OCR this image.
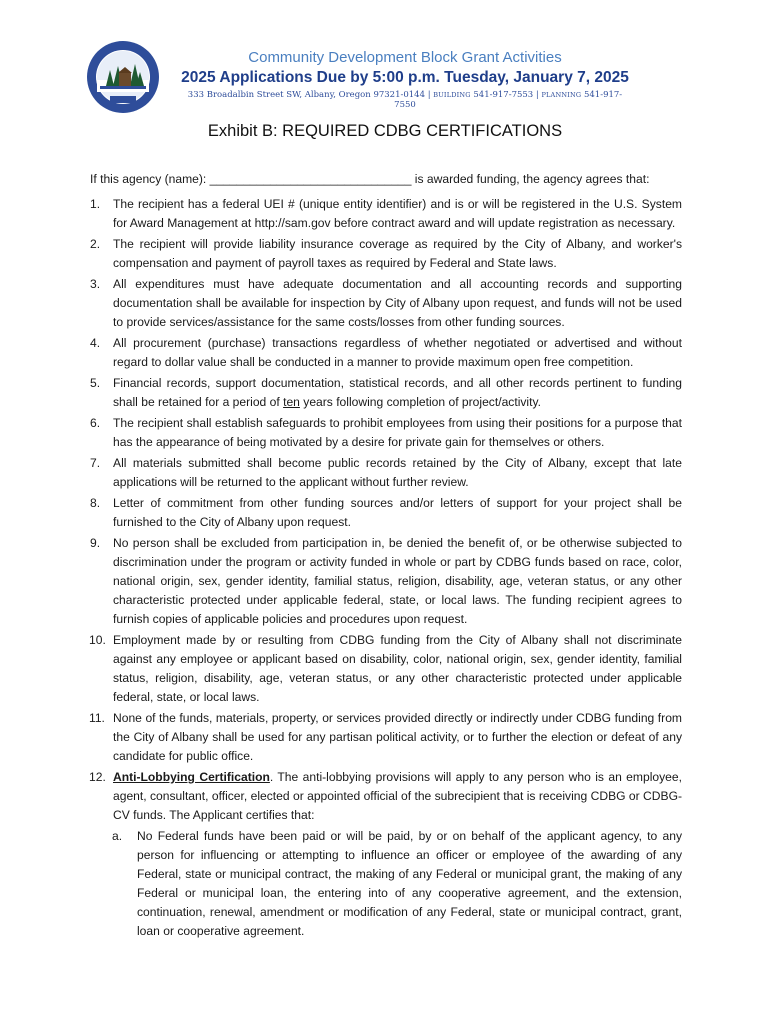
Community Development Block Grant Activities
2025 Applications Due by 5:00 p.m. Tuesday, January 7, 2025
333 Broadalbin Street SW, Albany, Oregon 97321-0144 | BUILDING 541-917-7553 | PLANNING 541-917-7550
Exhibit B: REQUIRED CDBG CERTIFICATIONS
If this agency (name): ______________________________ is awarded funding, the agency agrees that:
1. The recipient has a federal UEI # (unique entity identifier) and is or will be registered in the U.S. System for Award Management at http://sam.gov before contract award and will update registration as necessary.
2. The recipient will provide liability insurance coverage as required by the City of Albany, and worker's compensation and payment of payroll taxes as required by Federal and State laws.
3. All expenditures must have adequate documentation and all accounting records and supporting documentation shall be available for inspection by City of Albany upon request, and funds will not be used to provide services/assistance for the same costs/losses from other funding sources.
4. All procurement (purchase) transactions regardless of whether negotiated or advertised and without regard to dollar value shall be conducted in a manner to provide maximum open free competition.
5. Financial records, support documentation, statistical records, and all other records pertinent to funding shall be retained for a period of ten years following completion of project/activity.
6. The recipient shall establish safeguards to prohibit employees from using their positions for a purpose that has the appearance of being motivated by a desire for private gain for themselves or others.
7. All materials submitted shall become public records retained by the City of Albany, except that late applications will be returned to the applicant without further review.
8. Letter of commitment from other funding sources and/or letters of support for your project shall be furnished to the City of Albany upon request.
9. No person shall be excluded from participation in, be denied the benefit of, or be otherwise subjected to discrimination under the program or activity funded in whole or part by CDBG funds based on race, color, national origin, sex, gender identity, familial status, religion, disability, age, veteran status, or any other characteristic protected under applicable federal, state, or local laws. The funding recipient agrees to furnish copies of applicable policies and procedures upon request.
10. Employment made by or resulting from CDBG funding from the City of Albany shall not discriminate against any employee or applicant based on disability, color, national origin, sex, gender identity, familial status, religion, disability, age, veteran status, or any other characteristic protected under applicable federal, state, or local laws.
11. None of the funds, materials, property, or services provided directly or indirectly under CDBG funding from the City of Albany shall be used for any partisan political activity, or to further the election or defeat of any candidate for public office.
12. Anti-Lobbying Certification. The anti-lobbying provisions will apply to any person who is an employee, agent, consultant, officer, elected or appointed official of the subrecipient that is receiving CDBG or CDBG-CV funds. The Applicant certifies that:
a. No Federal funds have been paid or will be paid, by or on behalf of the applicant agency, to any person for influencing or attempting to influence an officer or employee of the awarding of any Federal, state or municipal contract, the making of any Federal or municipal grant, the making of any Federal or municipal loan, the entering into of any cooperative agreement, and the extension, continuation, renewal, amendment or modification of any Federal, state or municipal contract, grant, loan or cooperative agreement.
